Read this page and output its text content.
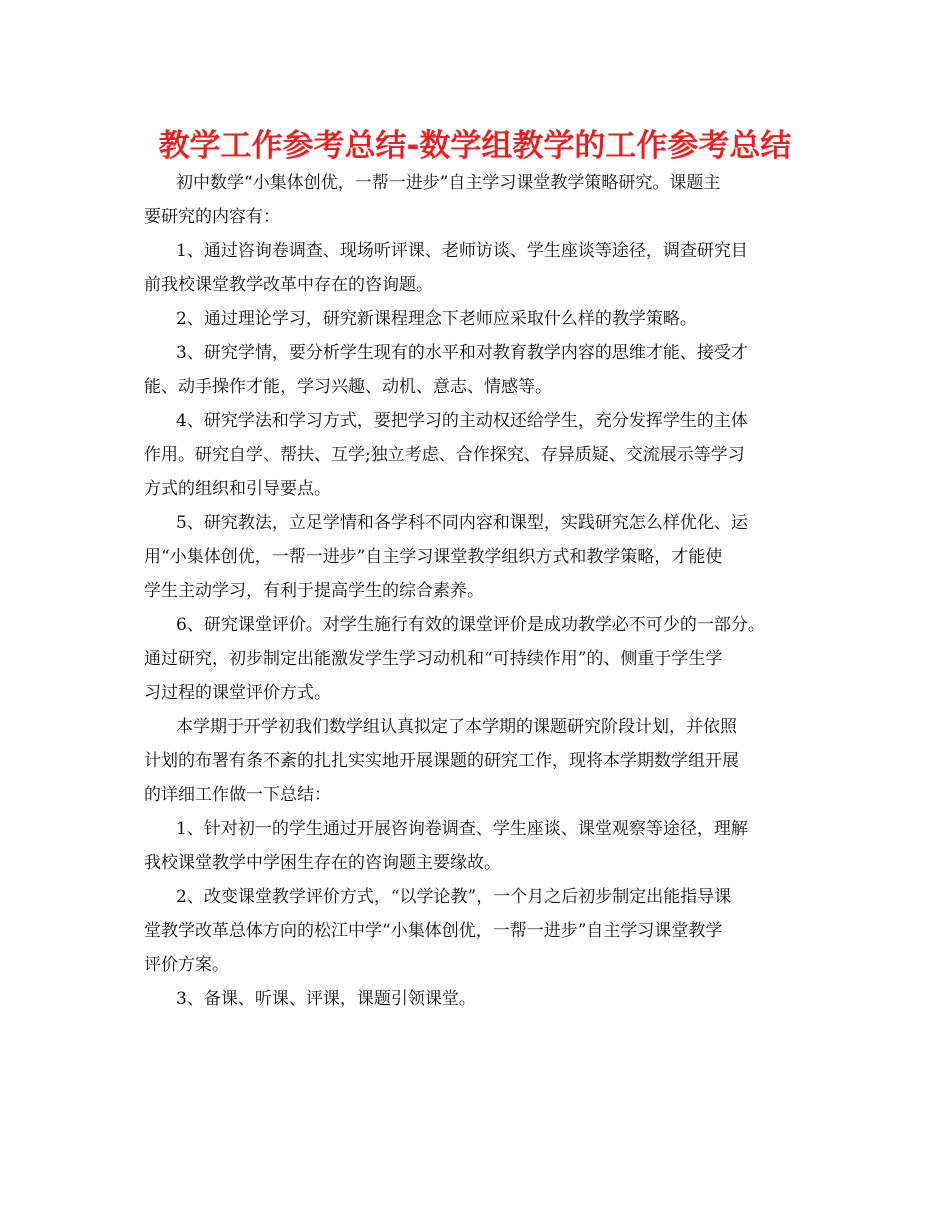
教学工作参考总结-数学组教学的工作参考总结
初中数学“小集体创优，一帮一进步”自主学习课堂教学策略研究。课题主
要研究的内容有：
1、通过咨询卷调查、现场听评课、老师访谈、学生座谈等途径，调查研究目
前我校课堂教学改革中存在的咨询题。
2、通过理论学习，研究新课程理念下老师应采取什么样的教学策略。
3、研究学情，要分析学生现有的水平和对教育教学内容的思维才能、接受才
能、动手操作才能，学习兴趣、动机、意志、情感等。
4、研究学法和学习方式，要把学习的主动权还给学生，充分发挥学生的主体
作用。研究自学、帮扶、互学;独立考虑、合作探究、存异质疑、交流展示等学习
方式的组织和引导要点。
5、研究教法，立足学情和各学科不同内容和课型，实践研究怎么样优化、运
用“小集体创优，一帮一进步”自主学习课堂教学组织方式和教学策略，才能使
学生主动学习，有利于提高学生的综合素养。
6、研究课堂评价。对学生施行有效的课堂评价是成功教学必不可少的一部分。
通过研究，初步制定出能激发学生学习动机和“可持续作用”的、侧重于学生学
习过程的课堂评价方式。
本学期于开学初我们数学组认真拟定了本学期的课题研究阶段计划，并依照
计划的布署有条不紊的扎扎实实地开展课题的研究工作，现将本学期数学组开展
的详细工作做一下总结：
1、针对初一的学生通过开展咨询卷调查、学生座谈、课堂观察等途径，理解
我校课堂教学中学困生存在的咨询题主要缘故。
2、改变课堂教学评价方式，“以学论教”，一个月之后初步制定出能指导课
堂教学改革总体方向的松江中学“小集体创优，一帮一进步”自主学习课堂教学
评价方案。
3、备课、听课、评课，课题引领课堂。
